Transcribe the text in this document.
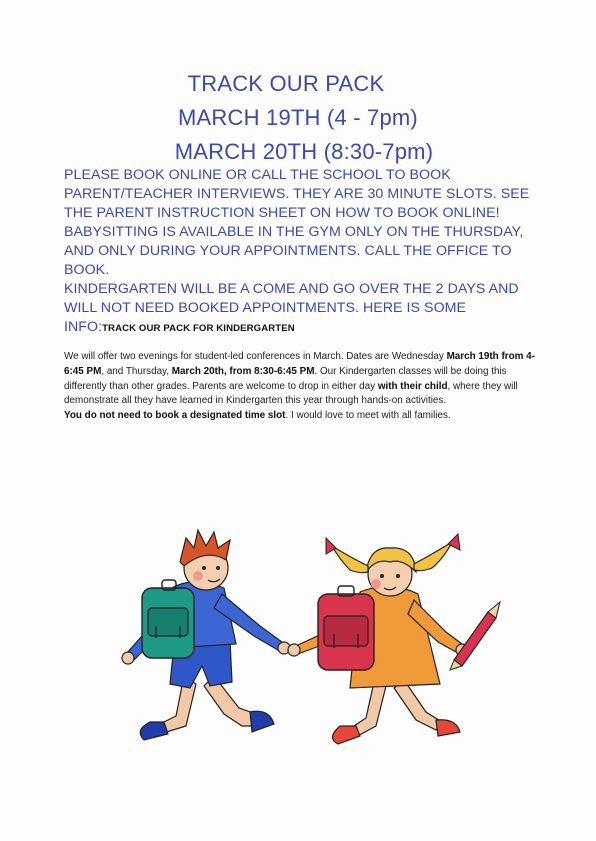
TRACK OUR PACK
MARCH 19TH (4 - 7pm)
MARCH 20TH (8:30-7pm)

PLEASE BOOK ONLINE OR CALL THE SCHOOL TO BOOK PARENT/TEACHER INTERVIEWS. THEY ARE 30 MINUTE SLOTS. SEE THE PARENT INSTRUCTION SHEET ON HOW TO BOOK ONLINE! BABYSITTING IS AVAILABLE IN THE GYM ONLY ON THE THURSDAY, AND ONLY DURING YOUR APPOINTMENTS. CALL THE OFFICE TO BOOK.

KINDERGARTEN WILL BE A COME AND GO OVER THE 2 DAYS AND WILL NOT NEED BOOKED APPOINTMENTS. HERE IS SOME

INFO:TRACK OUR PACK FOR KINDERGARTEN

We will offer two evenings for student-led conferences in March. Dates are Wednesday March 19th from 4-6:45 PM, and Thursday, March 20th, from 8:30-6:45 PM. Our Kindergarten classes will be doing this differently than other grades. Parents are welcome to drop in either day with their child, where they will demonstrate all they have learned in Kindergarten this year through hands-on activities.

You do not need to book a designated time slot. I would love to meet with all families.
